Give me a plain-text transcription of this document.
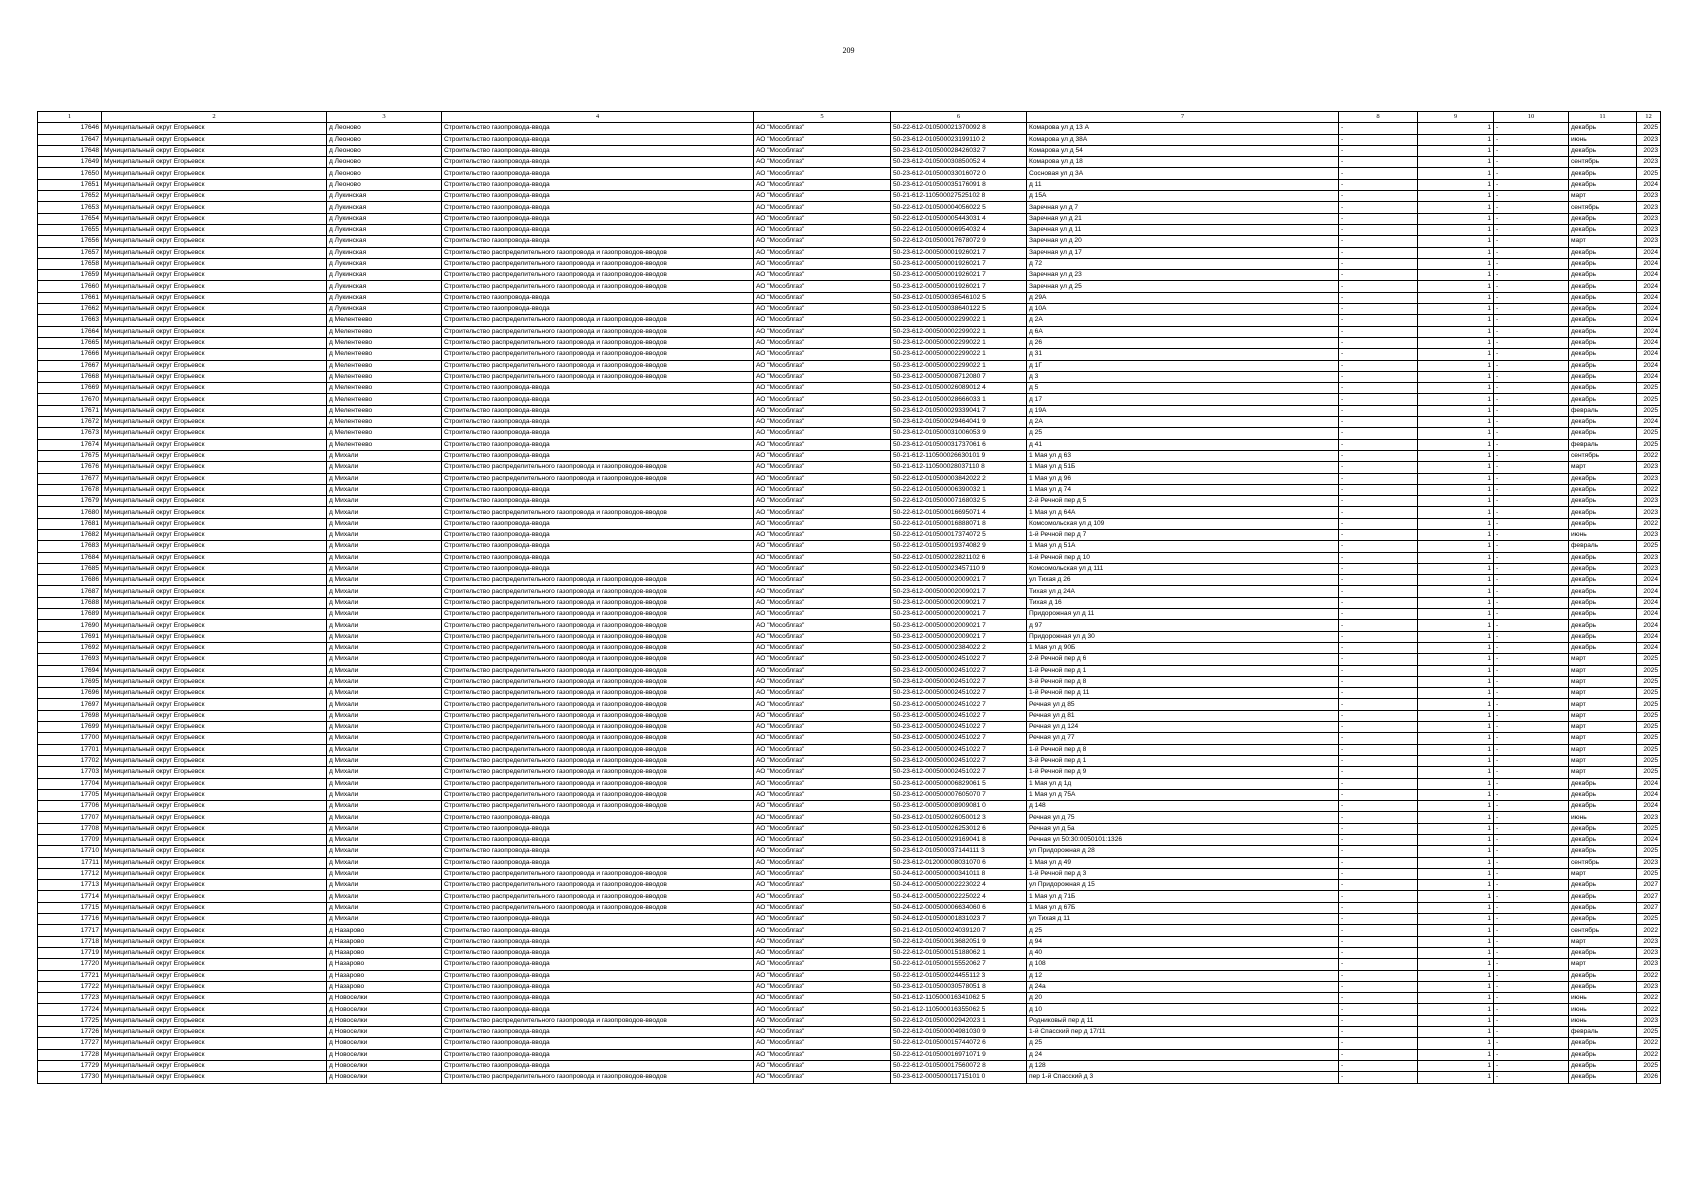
209
1	2	3	4	5	6	7	8	9	10	11	12
17646	Муниципальный округ Егорьевск	д Леоново	Строительство газопровода-ввода	АО "Мособлгаз"	50-22-612-010500021370092 8	Комарова ул д 13 А	-	1	-	декабрь	2025
17647	Муниципальный округ Егорьевск	д Леоново	Строительство газопровода-ввода	АО "Мособлгаз"	50-23-612-010500023199110 2	Комарова ул д 38А	-	1	-	июнь	2023
17648	Муниципальный округ Егорьевск	д Леоново	Строительство газопровода-ввода	АО "Мособлгаз"	50-23-612-010500028426032 7	Комарова ул д 54	-	1	-	декабрь	2023
17649	Муниципальный округ Егорьевск	д Леоново	Строительство газопровода-ввода	АО "Мособлгаз"	50-23-612-010500030850052 4	Комарова ул д 18	-	1	-	сентябрь	2023
17650	Муниципальный округ Егорьевск	д Леоново	Строительство газопровода-ввода	АО "Мособлгаз"	50-23-612-010500033016072 0	Сосновая ул д 3А	-	1	-	декабрь	2025
17651	Муниципальный округ Егорьевск	д Леоново	Строительство газопровода-ввода	АО "Мособлгаз"	50-23-612-010500035176091 8	д 11	-	1	-	декабрь	2024
17652	Муниципальный округ Егорьевск	д Лукинская	Строительство газопровода-ввода	АО "Мособлгаз"	50-21-612-110500027525102 8	д 15А	-	1	-	март	2023
17653	Муниципальный округ Егорьевск	д Лукинская	Строительство газопровода-ввода	АО "Мособлгаз"	50-22-612-010500004056022 5	Заречная ул д 7	-	1	-	сентябрь	2023
17654	Муниципальный округ Егорьевск	д Лукинская	Строительство газопровода-ввода	АО "Мособлгаз"	50-22-612-010500005443031 4	Заречная ул д 21	-	1	-	декабрь	2023
17655	Муниципальный округ Егорьевск	д Лукинская	Строительство газопровода-ввода	АО "Мособлгаз"	50-22-612-010500006954032 4	Заречная ул д 11	-	1	-	декабрь	2023
17656	Муниципальный округ Егорьевск	д Лукинская	Строительство газопровода-ввода	АО "Мособлгаз"	50-22-612-010500017678072 9	Заречная ул д 20	-	1	-	март	2023
17657	Муниципальный округ Егорьевск	д Лукинская	Строительство распределительного газопровода и газопроводов-вводов	АО "Мособлгаз"	50-23-612-000500001926021 7	Заречная ул д 17	-	1	-	декабрь	2024
17658	Муниципальный округ Егорьевск	д Лукинская	Строительство распределительного газопровода и газопроводов-вводов	АО "Мособлгаз"	50-23-612-000500001926021 7	д 72	-	1	-	декабрь	2024
17659	Муниципальный округ Егорьевск	д Лукинская	Строительство распределительного газопровода и газопроводов-вводов	АО "Мособлгаз"	50-23-612-000500001926021 7	Заречная ул д 23	-	1	-	декабрь	2024
17660	Муниципальный округ Егорьевск	д Лукинская	Строительство распределительного газопровода и газопроводов-вводов	АО "Мособлгаз"	50-23-612-000500001926021 7	Заречная ул д 25	-	1	-	декабрь	2024
17661	Муниципальный округ Егорьевск	д Лукинская	Строительство газопровода-ввода	АО "Мособлгаз"	50-23-612-010500036546102 5	д 29А	-	1	-	декабрь	2024
17662	Муниципальный округ Егорьевск	д Лукинская	Строительство газопровода-ввода	АО "Мособлгаз"	50-23-612-010500038640122 5	д 10А	-	1	-	декабрь	2024
17663	Муниципальный округ Егорьевск	д Мелентеево	Строительство распределительного газопровода и газопроводов-вводов	АО "Мособлгаз"	50-23-612-000500002299022 1	д 2А	-	1	-	декабрь	2024
17664	Муниципальный округ Егорьевск	д Мелентеево	Строительство распределительного газопровода и газопроводов-вводов	АО "Мособлгаз"	50-23-612-000500002299022 1	д 6А	-	1	-	декабрь	2024
17665	Муниципальный округ Егорьевск	д Мелентеево	Строительство распределительного газопровода и газопроводов-вводов	АО "Мособлгаз"	50-23-612-000500002299022 1	д 26	-	1	-	декабрь	2024
17666	Муниципальный округ Егорьевск	д Мелентеево	Строительство распределительного газопровода и газопроводов-вводов	АО "Мособлгаз"	50-23-612-000500002299022 1	д 31	-	1	-	декабрь	2024
17667	Муниципальный округ Егорьевск	д Мелентеево	Строительство распределительного газопровода и газопроводов-вводов	АО "Мособлгаз"	50-23-612-000500002299022 1	д 1Г	-	1	-	декабрь	2024
17668	Муниципальный округ Егорьевск	д Мелентеево	Строительство распределительного газопровода и газопроводов-вводов	АО "Мособлгаз"	50-23-612-000500008712080 7	д 3	-	1	-	декабрь	2024
17669	Муниципальный округ Егорьевск	д Мелентеево	Строительство газопровода-ввода	АО "Мособлгаз"	50-23-612-010500026089012 4	д 5	-	1	-	декабрь	2025
17670	Муниципальный округ Егорьевск	д Мелентеево	Строительство газопровода-ввода	АО "Мособлгаз"	50-23-612-010500028666033 1	д 17	-	1	-	декабрь	2025
17671	Муниципальный округ Егорьевск	д Мелентеево	Строительство газопровода-ввода	АО "Мособлгаз"	50-23-612-010500029339041 7	д 19А	-	1	-	февраль	2025
17672	Муниципальный округ Егорьевск	д Мелентеево	Строительство газопровода-ввода	АО "Мособлгаз"	50-23-612-010500029464041 9	д 2А	-	1	-	декабрь	2024
17673	Муниципальный округ Егорьевск	д Мелентеево	Строительство газопровода-ввода	АО "Мособлгаз"	50-23-612-010500031006053 9	д 25	-	1	-	декабрь	2025
17674	Муниципальный округ Егорьевск	д Мелентеево	Строительство газопровода-ввода	АО "Мособлгаз"	50-23-612-010500031737061 6	д 41	-	1	-	февраль	2025
17675	Муниципальный округ Егорьевск	д Михали	Строительство газопровода-ввода	АО "Мособлгаз"	50-21-612-110500026630101 9	1 Мая ул д 63	-	1	-	сентябрь	2022
17676	Муниципальный округ Егорьевск	д Михали	Строительство распределительного газопровода и газопроводов-вводов	АО "Мособлгаз"	50-21-612-110500028037110 8	1 Мая ул д 51Б	-	1	-	март	2023
17677	Муниципальный округ Егорьевск	д Михали	Строительство распределительного газопровода и газопроводов-вводов	АО "Мособлгаз"	50-22-612-010500003842022 2	1 Мая ул д 96	-	1	-	декабрь	2023
17678	Муниципальный округ Егорьевск	д Михали	Строительство газопровода-ввода	АО "Мособлгаз"	50-22-612-010500006390032 1	1 Мая ул д 74	-	1	-	декабрь	2022
17679	Муниципальный округ Егорьевск	д Михали	Строительство газопровода-ввода	АО "Мособлгаз"	50-22-612-010500007168032 5	2-й Речной пер д 5	-	1	-	декабрь	2023
17680	Муниципальный округ Егорьевск	д Михали	Строительство распределительного газопровода и газопроводов-вводов	АО "Мособлгаз"	50-22-612-010500016695071 4	1 Мая ул д 64А	-	1	-	декабрь	2023
17681	Муниципальный округ Егорьевск	д Михали	Строительство газопровода-ввода	АО "Мособлгаз"	50-22-612-010500016888071 8	Комсомольская ул д 109	-	1	-	декабрь	2022
17682	Муниципальный округ Егорьевск	д Михали	Строительство газопровода-ввода	АО "Мособлгаз"	50-22-612-010500017374072 5	1-й Речной пер д 7	-	1	-	июнь	2023
17683	Муниципальный округ Егорьевск	д Михали	Строительство газопровода-ввода	АО "Мособлгаз"	50-22-612-010500019374082 9	1 Мая ул д 51А	-	1	-	февраль	2025
17684	Муниципальный округ Егорьевск	д Михали	Строительство газопровода-ввода	АО "Мособлгаз"	50-22-612-010500022821102 6	1-й Речной пер д 10	-	1	-	декабрь	2023
17685	Муниципальный округ Егорьевск	д Михали	Строительство газопровода-ввода	АО "Мособлгаз"	50-22-612-010500023457110 9	Комсомольская ул д 111	-	1	-	декабрь	2023
17686	Муниципальный округ Егорьевск	д Михали	Строительство распределительного газопровода и газопроводов-вводов	АО "Мособлгаз"	50-23-612-000500002009021 7	ул Тихая д 26	-	1	-	декабрь	2024
17687	Муниципальный округ Егорьевск	д Михали	Строительство распределительного газопровода и газопроводов-вводов	АО "Мособлгаз"	50-23-612-000500002009021 7	Тихая ул д 24А	-	1	-	декабрь	2024
17688	Муниципальный округ Егорьевск	д Михали	Строительство распределительного газопровода и газопроводов-вводов	АО "Мособлгаз"	50-23-612-000500002009021 7	Тихая д 16	-	1	-	декабрь	2024
17689	Муниципальный округ Егорьевск	д Михали	Строительство распределительного газопровода и газопроводов-вводов	АО "Мособлгаз"	50-23-612-000500002009021 7	Придорожная ул д 11	-	1	-	декабрь	2024
17690	Муниципальный округ Егорьевск	д Михали	Строительство распределительного газопровода и газопроводов-вводов	АО "Мособлгаз"	50-23-612-000500002009021 7	д 97	-	1	-	декабрь	2024
17691	Муниципальный округ Егорьевск	д Михали	Строительство распределительного газопровода и газопроводов-вводов	АО "Мособлгаз"	50-23-612-000500002009021 7	Придорожная ул д 30	-	1	-	декабрь	2024
17692	Муниципальный округ Егорьевск	д Михали	Строительство распределительного газопровода и газопроводов-вводов	АО "Мособлгаз"	50-23-612-000500002384022 2	1 Мая ул д 90Б	-	1	-	декабрь	2024
17693	Муниципальный округ Егорьевск	д Михали	Строительство распределительного газопровода и газопроводов-вводов	АО "Мособлгаз"	50-23-612-000500002451022 7	2-й Речной пер д 6	-	1	-	март	2025
17694	Муниципальный округ Егорьевск	д Михали	Строительство распределительного газопровода и газопроводов-вводов	АО "Мособлгаз"	50-23-612-000500002451022 7	1-й Речной пер д 1	-	1	-	март	2025
17695	Муниципальный округ Егорьевск	д Михали	Строительство распределительного газопровода и газопроводов-вводов	АО "Мособлгаз"	50-23-612-000500002451022 7	3-й Речной пер д 8	-	1	-	март	2025
17696	Муниципальный округ Егорьевск	д Михали	Строительство распределительного газопровода и газопроводов-вводов	АО "Мособлгаз"	50-23-612-000500002451022 7	1-й Речной пер д 11	-	1	-	март	2025
17697	Муниципальный округ Егорьевск	д Михали	Строительство распределительного газопровода и газопроводов-вводов	АО "Мособлгаз"	50-23-612-000500002451022 7	Речная ул д 85	-	1	-	март	2025
17698	Муниципальный округ Егорьевск	д Михали	Строительство распределительного газопровода и газопроводов-вводов	АО "Мособлгаз"	50-23-612-000500002451022 7	Речная ул д 81	-	1	-	март	2025
17699	Муниципальный округ Егорьевск	д Михали	Строительство распределительного газопровода и газопроводов-вводов	АО "Мособлгаз"	50-23-612-000500002451022 7	Речная ул д 124	-	1	-	март	2025
17700	Муниципальный округ Егорьевск	д Михали	Строительство распределительного газопровода и газопроводов-вводов	АО "Мособлгаз"	50-23-612-000500002451022 7	Речная ул д 77	-	1	-	март	2025
17701	Муниципальный округ Егорьевск	д Михали	Строительство распределительного газопровода и газопроводов-вводов	АО "Мособлгаз"	50-23-612-000500002451022 7	1-й Речной пер д 8	-	1	-	март	2025
17702	Муниципальный округ Егорьевск	д Михали	Строительство распределительного газопровода и газопроводов-вводов	АО "Мособлгаз"	50-23-612-000500002451022 7	3-й Речной пер д 1	-	1	-	март	2025
17703	Муниципальный округ Егорьевск	д Михали	Строительство распределительного газопровода и газопроводов-вводов	АО "Мособлгаз"	50-23-612-000500002451022 7	1-й Речной пер д 9	-	1	-	март	2025
17704	Муниципальный округ Егорьевск	д Михали	Строительство распределительного газопровода и газопроводов-вводов	АО "Мособлгаз"	50-23-612-000500006829061 5	1 Мая ул д 1д	-	1	-	декабрь	2024
17705	Муниципальный округ Егорьевск	д Михали	Строительство распределительного газопровода и газопроводов-вводов	АО "Мособлгаз"	50-23-612-000500007605070 7	1 Мая ул д 75А	-	1	-	декабрь	2024
17706	Муниципальный округ Егорьевск	д Михали	Строительство распределительного газопровода и газопроводов-вводов	АО "Мособлгаз"	50-23-612-000500008909081 0	д 148	-	1	-	декабрь	2024
17707	Муниципальный округ Егорьевск	д Михали	Строительство газопровода-ввода	АО "Мособлгаз"	50-23-612-010500026050012 3	Речная ул д 75	-	1	-	июнь	2023
17708	Муниципальный округ Егорьевск	д Михали	Строительство газопровода-ввода	АО "Мособлгаз"	50-23-612-010500026253012 6	Речная ул д 5а	-	1	-	декабрь	2025
17709	Муниципальный округ Егорьевск	д Михали	Строительство газопровода-ввода	АО "Мособлгаз"	50-23-612-010500029169041 8	Речная ул 50:30:0050101:1326	-	1	-	декабрь	2024
17710	Муниципальный округ Егорьевск	д Михали	Строительство газопровода-ввода	АО "Мособлгаз"	50-23-612-010500037144111 3	ул Придорожная д 28	-	1	-	декабрь	2025
17711	Муниципальный округ Егорьевск	д Михали	Строительство газопровода-ввода	АО "Мособлгаз"	50-23-612-012000008031070 6	1 Мая ул д 49	-	1	-	сентябрь	2023
17712	Муниципальный округ Егорьевск	д Михали	Строительство распределительного газопровода и газопроводов-вводов	АО "Мособлгаз"	50-24-612-000500000341011 8	1-й Речной пер д 3	-	1	-	март	2025
17713	Муниципальный округ Егорьевск	д Михали	Строительство распределительного газопровода и газопроводов-вводов	АО "Мособлгаз"	50-24-612-000500002223022 4	ул Придорожная д 15	-	1	-	декабрь	2027
17714	Муниципальный округ Егорьевск	д Михали	Строительство распределительного газопровода и газопроводов-вводов	АО "Мособлгаз"	50-24-612-000500002225022 4	1 Мая ул д 71Б	-	1	-	декабрь	2027
17715	Муниципальный округ Егорьевск	д Михали	Строительство распределительного газопровода и газопроводов-вводов	АО "Мособлгаз"	50-24-612-000500006634060 6	1 Мая ул д 67Б	-	1	-	декабрь	2027
17716	Муниципальный округ Егорьевск	д Михали	Строительство газопровода-ввода	АО "Мособлгаз"	50-24-612-010500001831023 7	ул Тихая д 11	-	1	-	декабрь	2025
17717	Муниципальный округ Егорьевск	д Назарово	Строительство газопровода-ввода	АО "Мособлгаз"	50-21-612-010500024039120 7	д 25	-	1	-	сентябрь	2022
17718	Муниципальный округ Егорьевск	д Назарово	Строительство газопровода-ввода	АО "Мособлгаз"	50-22-612-010500013682051 9	д 94	-	1	-	март	2023
17719	Муниципальный округ Егорьевск	д Назарово	Строительство газопровода-ввода	АО "Мособлгаз"	50-22-612-010500015188062 1	д 40	-	1	-	декабрь	2023
17720	Муниципальный округ Егорьевск	д Назарово	Строительство газопровода-ввода	АО "Мособлгаз"	50-22-612-010500015552062 7	д 108	-	1	-	март	2023
17721	Муниципальный округ Егорьевск	д Назарово	Строительство газопровода-ввода	АО "Мособлгаз"	50-22-612-010500024455112 3	д 12	-	1	-	декабрь	2022
17722	Муниципальный округ Егорьевск	д Назарово	Строительство газопровода-ввода	АО "Мособлгаз"	50-23-612-010500030578051 8	д 24а	-	1	-	декабрь	2023
17723	Муниципальный округ Егорьевск	д Новоселки	Строительство газопровода-ввода	АО "Мособлгаз"	50-21-612-110500016341062 5	д 20	-	1	-	июнь	2022
17724	Муниципальный округ Егорьевск	д Новоселки	Строительство газопровода-ввода	АО "Мособлгаз"	50-21-612-110500016355062 5	д 10	-	1	-	июнь	2022
17725	Муниципальный округ Егорьевск	д Новоселки	Строительство распределительного газопровода и газопроводов-вводов	АО "Мособлгаз"	50-22-612-010500002942023 1	Родниковый пер д 11	-	1	-	июнь	2023
17726	Муниципальный округ Егорьевск	д Новоселки	Строительство газопровода-ввода	АО "Мособлгаз"	50-22-612-010500004981030 9	1-й Спасский пер д 17/11	-	1	-	февраль	2025
17727	Муниципальный округ Егорьевск	д Новоселки	Строительство газопровода-ввода	АО "Мособлгаз"	50-22-612-010500015744072 6	д 25	-	1	-	декабрь	2022
17728	Муниципальный округ Егорьевск	д Новоселки	Строительство газопровода-ввода	АО "Мособлгаз"	50-22-612-010500016971071 9	д 24	-	1	-	декабрь	2022
17729	Муниципальный округ Егорьевск	д Новоселки	Строительство газопровода-ввода	АО "Мособлгаз"	50-22-612-010500017560072 8	д 128	-	1	-	декабрь	2025
17730	Муниципальный округ Егорьевск	д Новоселки	Строительство распределительного газопровода и газопроводов-вводов	АО "Мособлгаз"	50-23-612-000500011715101 0	пер 1-й Спасский д 3	-	1	-	декабрь	2026
